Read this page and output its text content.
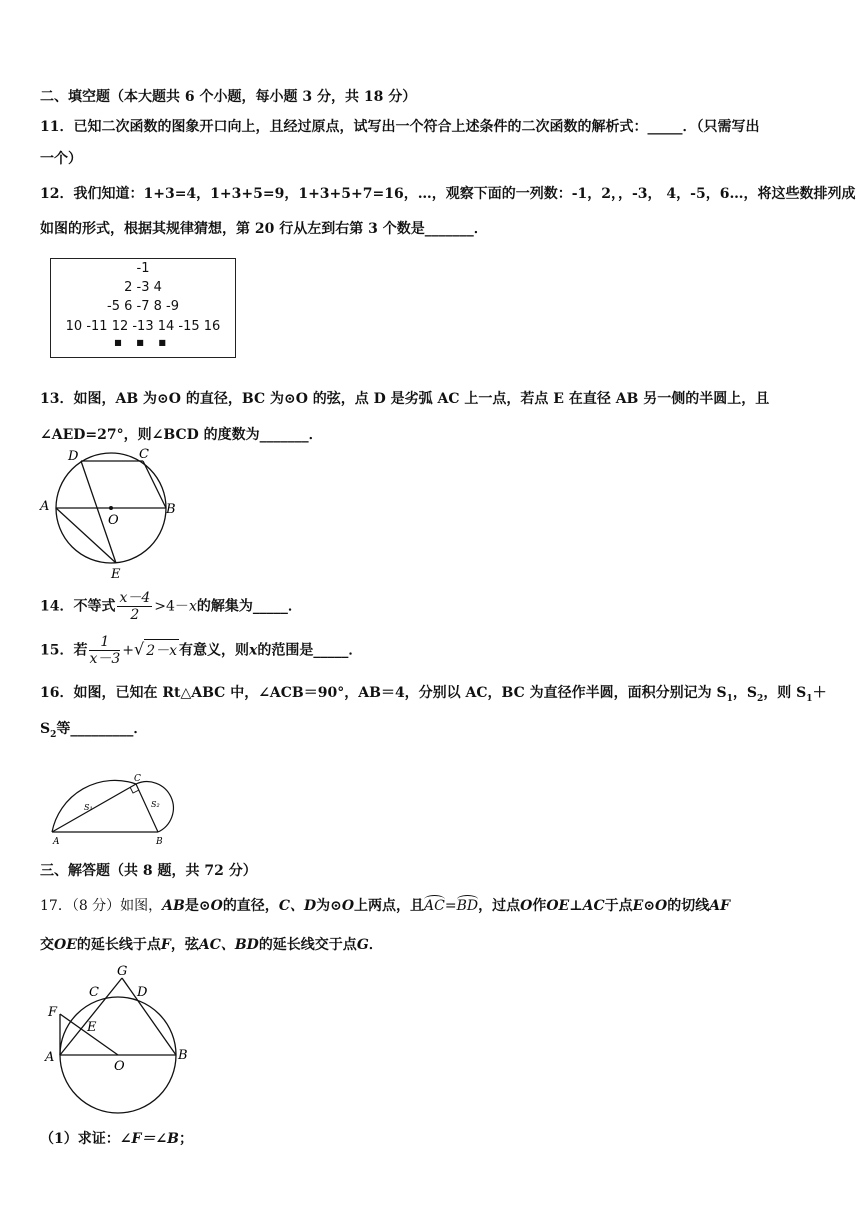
二、填空题（本大题共 6 个小题，每小题 3 分，共 18 分）
11．已知二次函数的图象开口向上，且经过原点，试写出一个符合上述条件的二次函数的解析式：_____．（只需写出
一个）
12．我们知道：1+3=4，1+3+5=9，1+3+5+7=16，…，观察下面的一列数：-1，2，，-3， 4，-5，6…，将这些数排列成
如图的形式，根据其规律猜想，第 20 行从左到右第 3 个数是_______．
-1
2 -3 4
-5 6 -7 8 -9
10 -11 12 -13 14 -15 16
■ ■ ■
13．如图，AB 为⊙O 的直径，BC 为⊙O 的弦，点 D 是劣弧 AC 上一点，若点 E 在直径 AB 另一侧的半圆上，且
∠AED=27°，则∠BCD 的度数为_______．
D	C
A	B
O
E
14．不等式 $\frac{x-4}{2} >4-x$的解集为_____．
15．若 $\frac{1}{x-3}$ +√ 2－x 有意义，则x的范围是_____．
16．如图，已知在 Rt△ABC 中，∠ACB＝90°，AB＝4，分别以 AC，BC 为直径作半圆，面积分别记为 $S_1$，$S_2$，则 $S_1+$
$S_2$等_________．
A	B
C
S₁	S₂
三、解答题（共 8 题，共 72 分）
17．（8 分）如图，AB是⊙O的直径，C、D为⊙O上两点，且AC=BD，过点O作OE⊥AC于点E⊙O的切线AF
交OE的延长线于点F，弦AC、BD的延长线交于点G．
G
C	D
F
E
A	B
O
（1）求证：∠F＝∠B；
